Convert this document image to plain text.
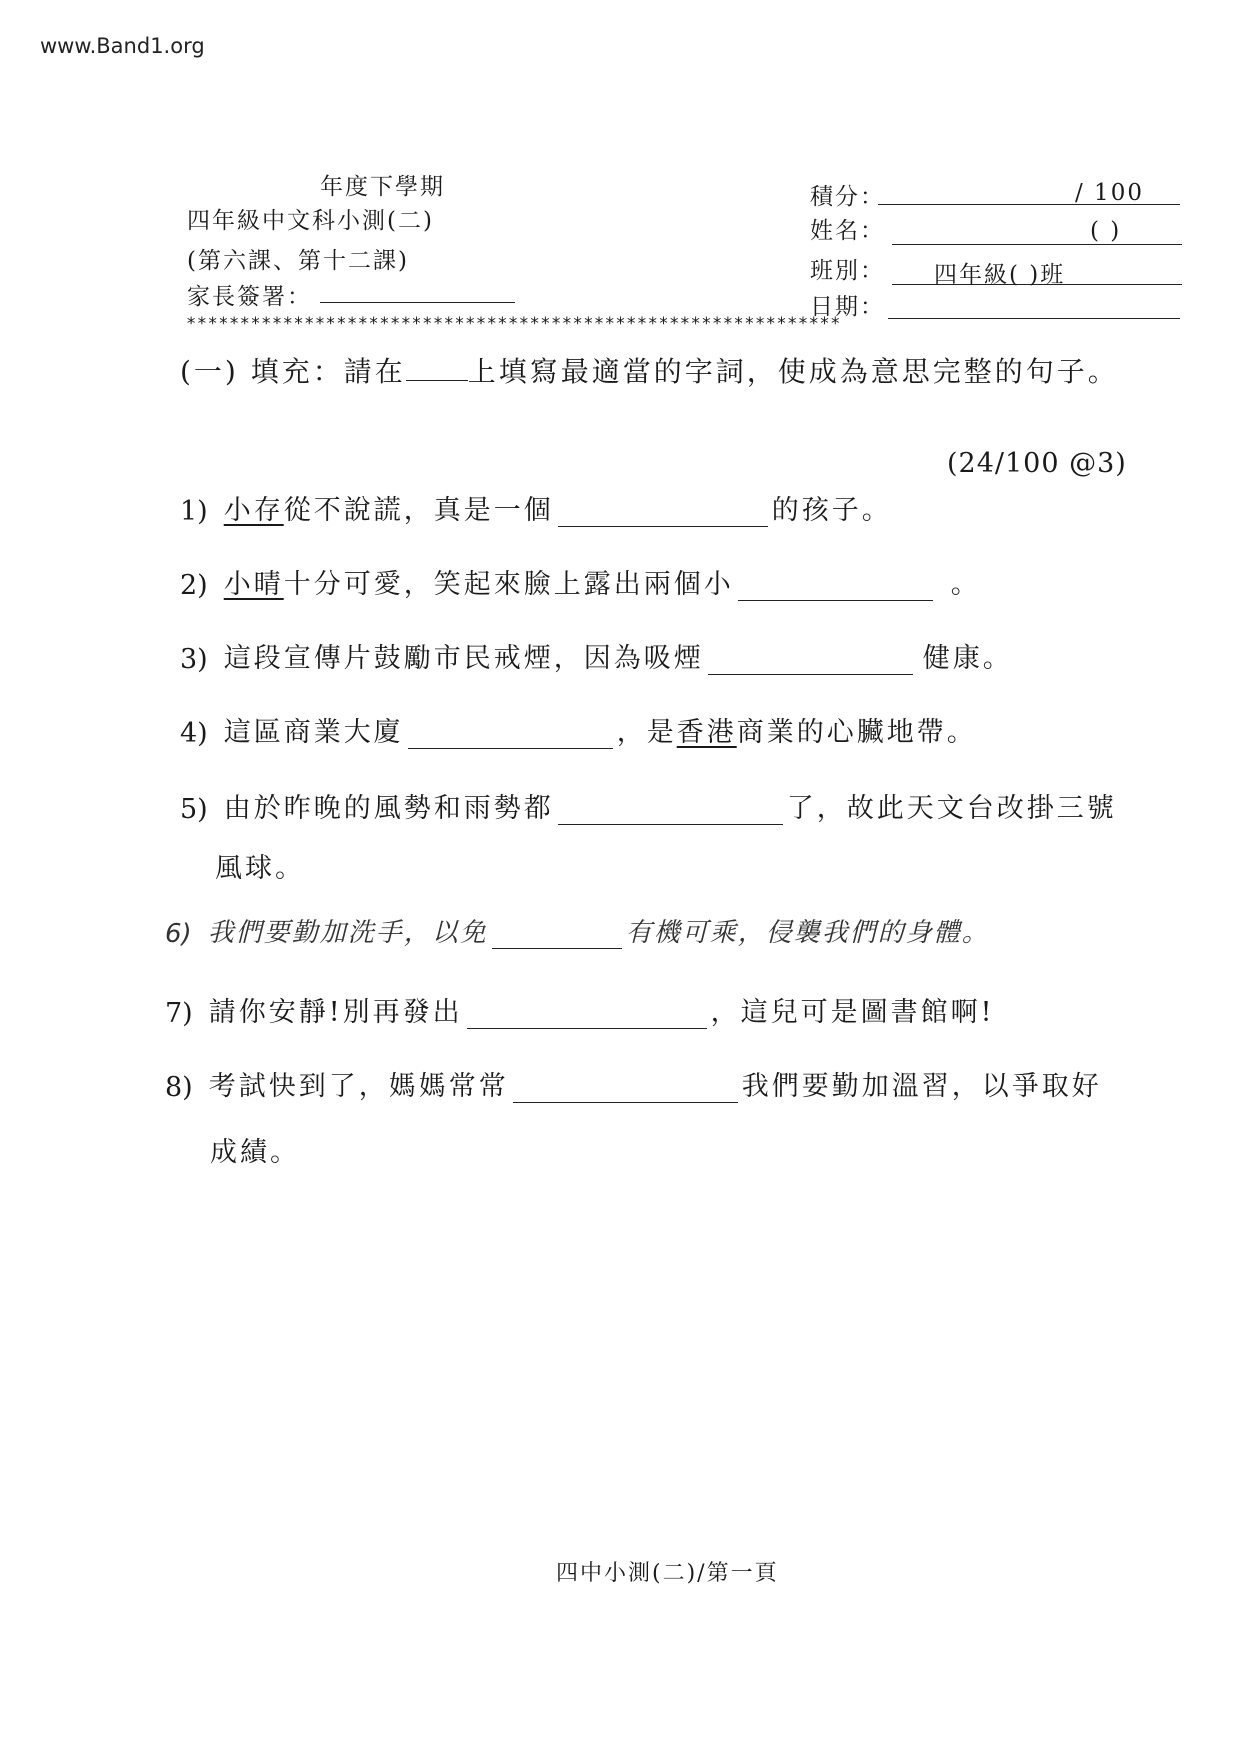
www.Band1.org
年度下學期
四年級中文科小測(二)
(第六課、第十二課)
家長簽署：
積分：	/ 100
姓名：	( )
班別： 四年級( )班
日期：
*************************************************************
(一) 填充：請在 上填寫最適當的字詞，使成為意思完整的句子。
(24/100 @3)
1) 小存 從不說謊，真是一個	的孩子。
2) 小晴 十分可愛，笑起來臉上露出兩個小	。
3) 這段宣傳片鼓勵市民戒煙，因為吸煙	健康。
4) 這區商業大廈	，是 香港 商業的心臟地帶。
5) 由於昨晚的風勢和雨勢都	了，故此天文台改掛三號
風球。
6) 我們要勤加洗手，以免	有機可乘，侵襲我們的身體。
7) 請你安靜!別再發出	，這兒可是圖書館啊!
8) 考試快到了，媽媽常常	我們要勤加溫習，以爭取好
成績。
四中小測(二)/第一頁
